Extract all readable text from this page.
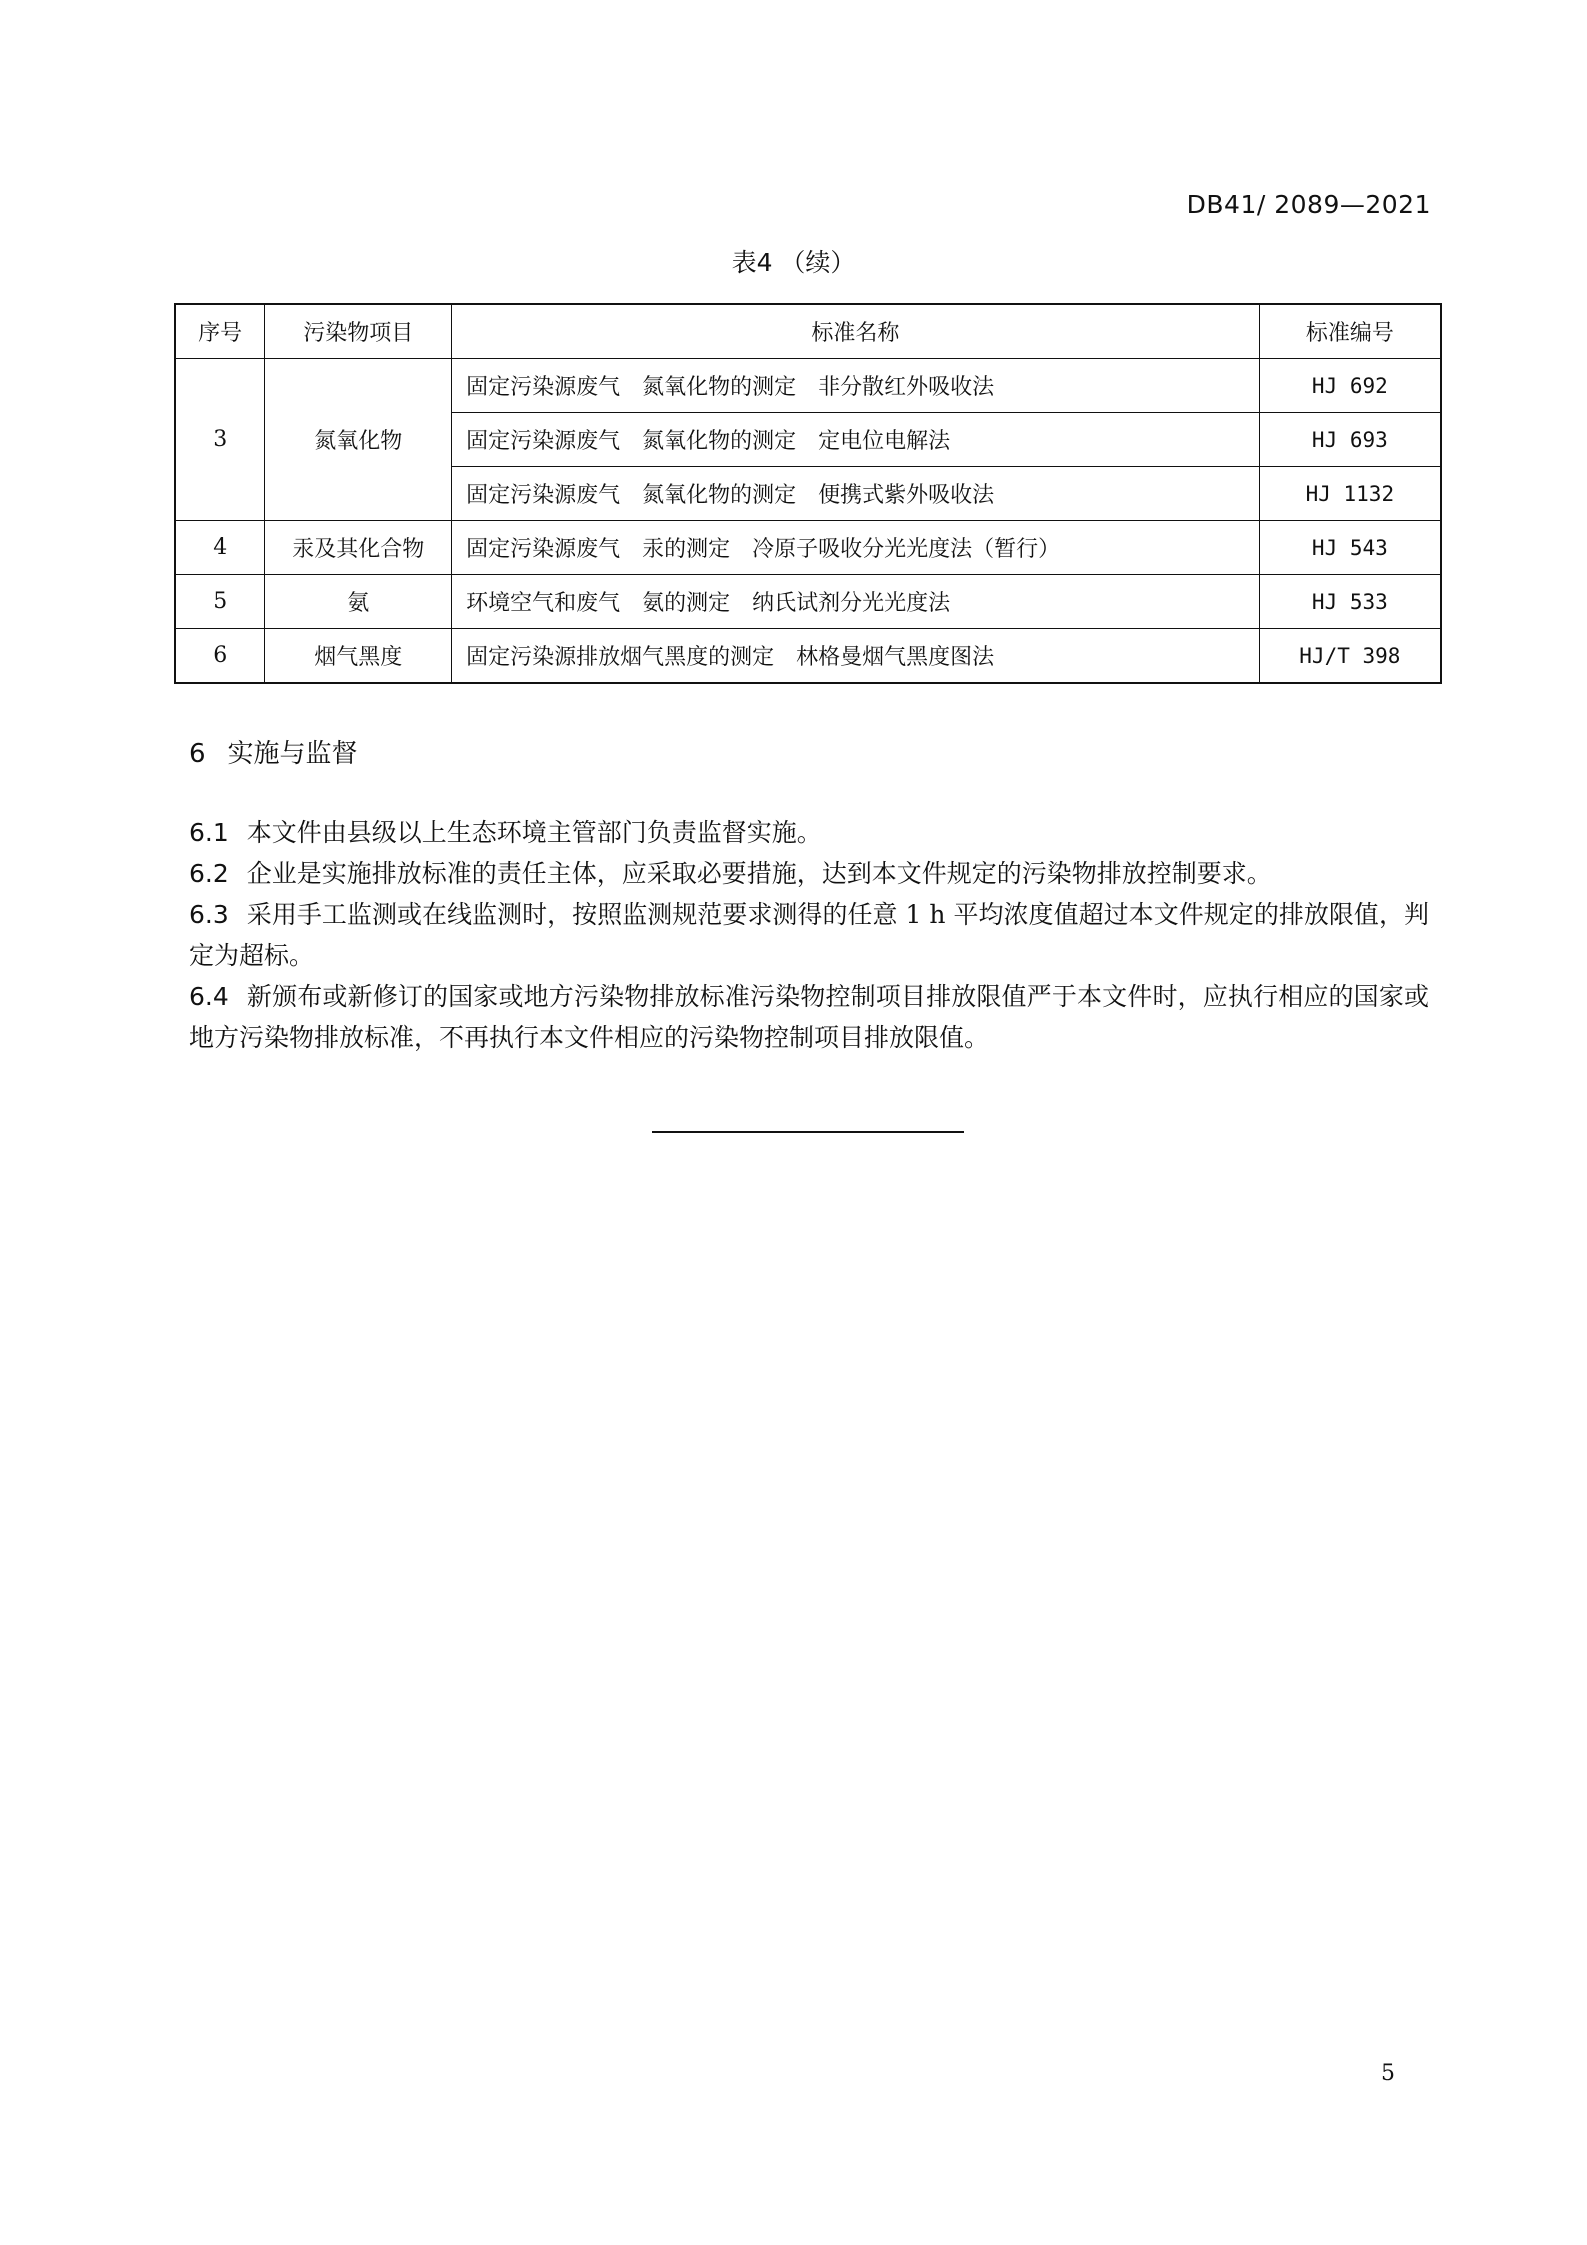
DB41/ 2089—2021
表4 （续）
序号	污染物项目	标准名称	标准编号
3	氮氧化物	固定污染源废气　氮氧化物的测定　非分散红外吸收法	HJ 692
		固定污染源废气　氮氧化物的测定　定电位电解法	HJ 693
		固定污染源废气　氮氧化物的测定　便携式紫外吸收法	HJ 1132
4	汞及其化合物	固定污染源废气　汞的测定　冷原子吸收分光光度法（暂行）	HJ 543
5	氨	环境空气和废气　氨的测定　纳氏试剂分光光度法	HJ 533
6	烟气黑度	固定污染源排放烟气黑度的测定　林格曼烟气黑度图法	HJ/T 398
6 实施与监督

6.1 本文件由县级以上生态环境主管部门负责监督实施。

6.2 企业是实施排放标准的责任主体，应采取必要措施，达到本文件规定的污染物排放控制要求。

6.3 采用手工监测或在线监测时，按照监测规范要求测得的任意 1 h 平均浓度值超过本文件规定的排放限值，判定为超标。

6.4 新颁布或新修订的国家或地方污染物排放标准污染物控制项目排放限值严于本文件时，应执行相应的国家或地方污染物排放标准，不再执行本文件相应的污染物控制项目排放限值。

5
